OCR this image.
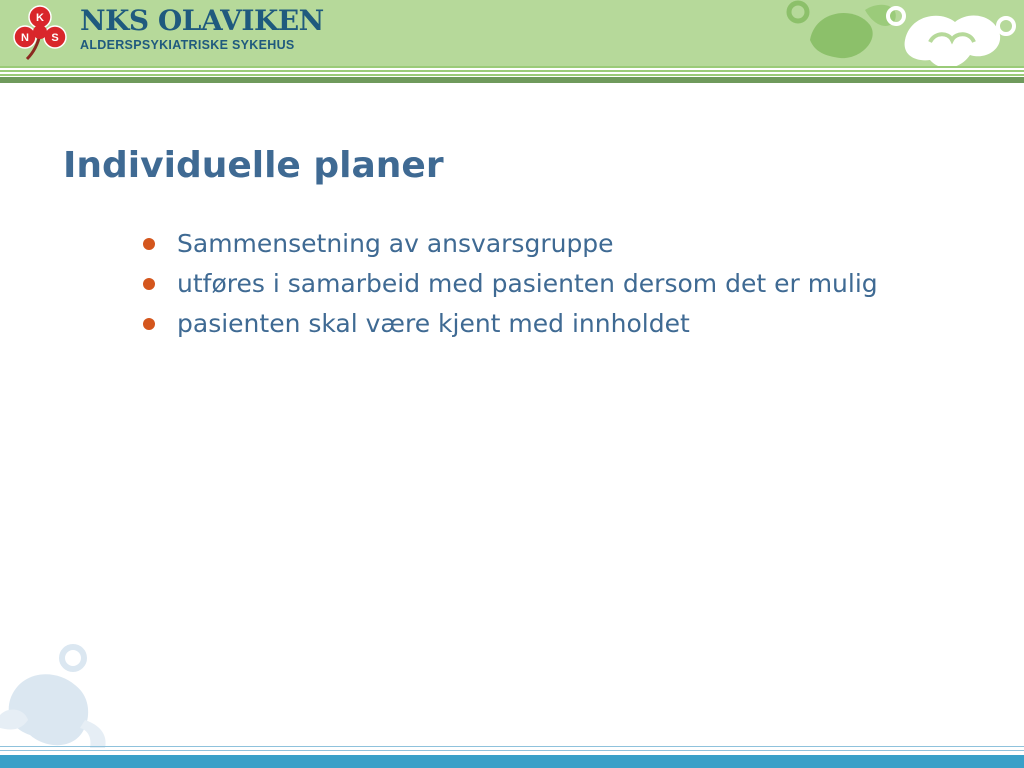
K
N S
NKS OLAVIKEN
ALDERSPSYKIATRISKE SYKEHUS
Individuelle planer
Sammensetning av ansvarsgruppe
utføres i samarbeid med pasienten dersom det er mulig
pasienten skal være kjent med innholdet
